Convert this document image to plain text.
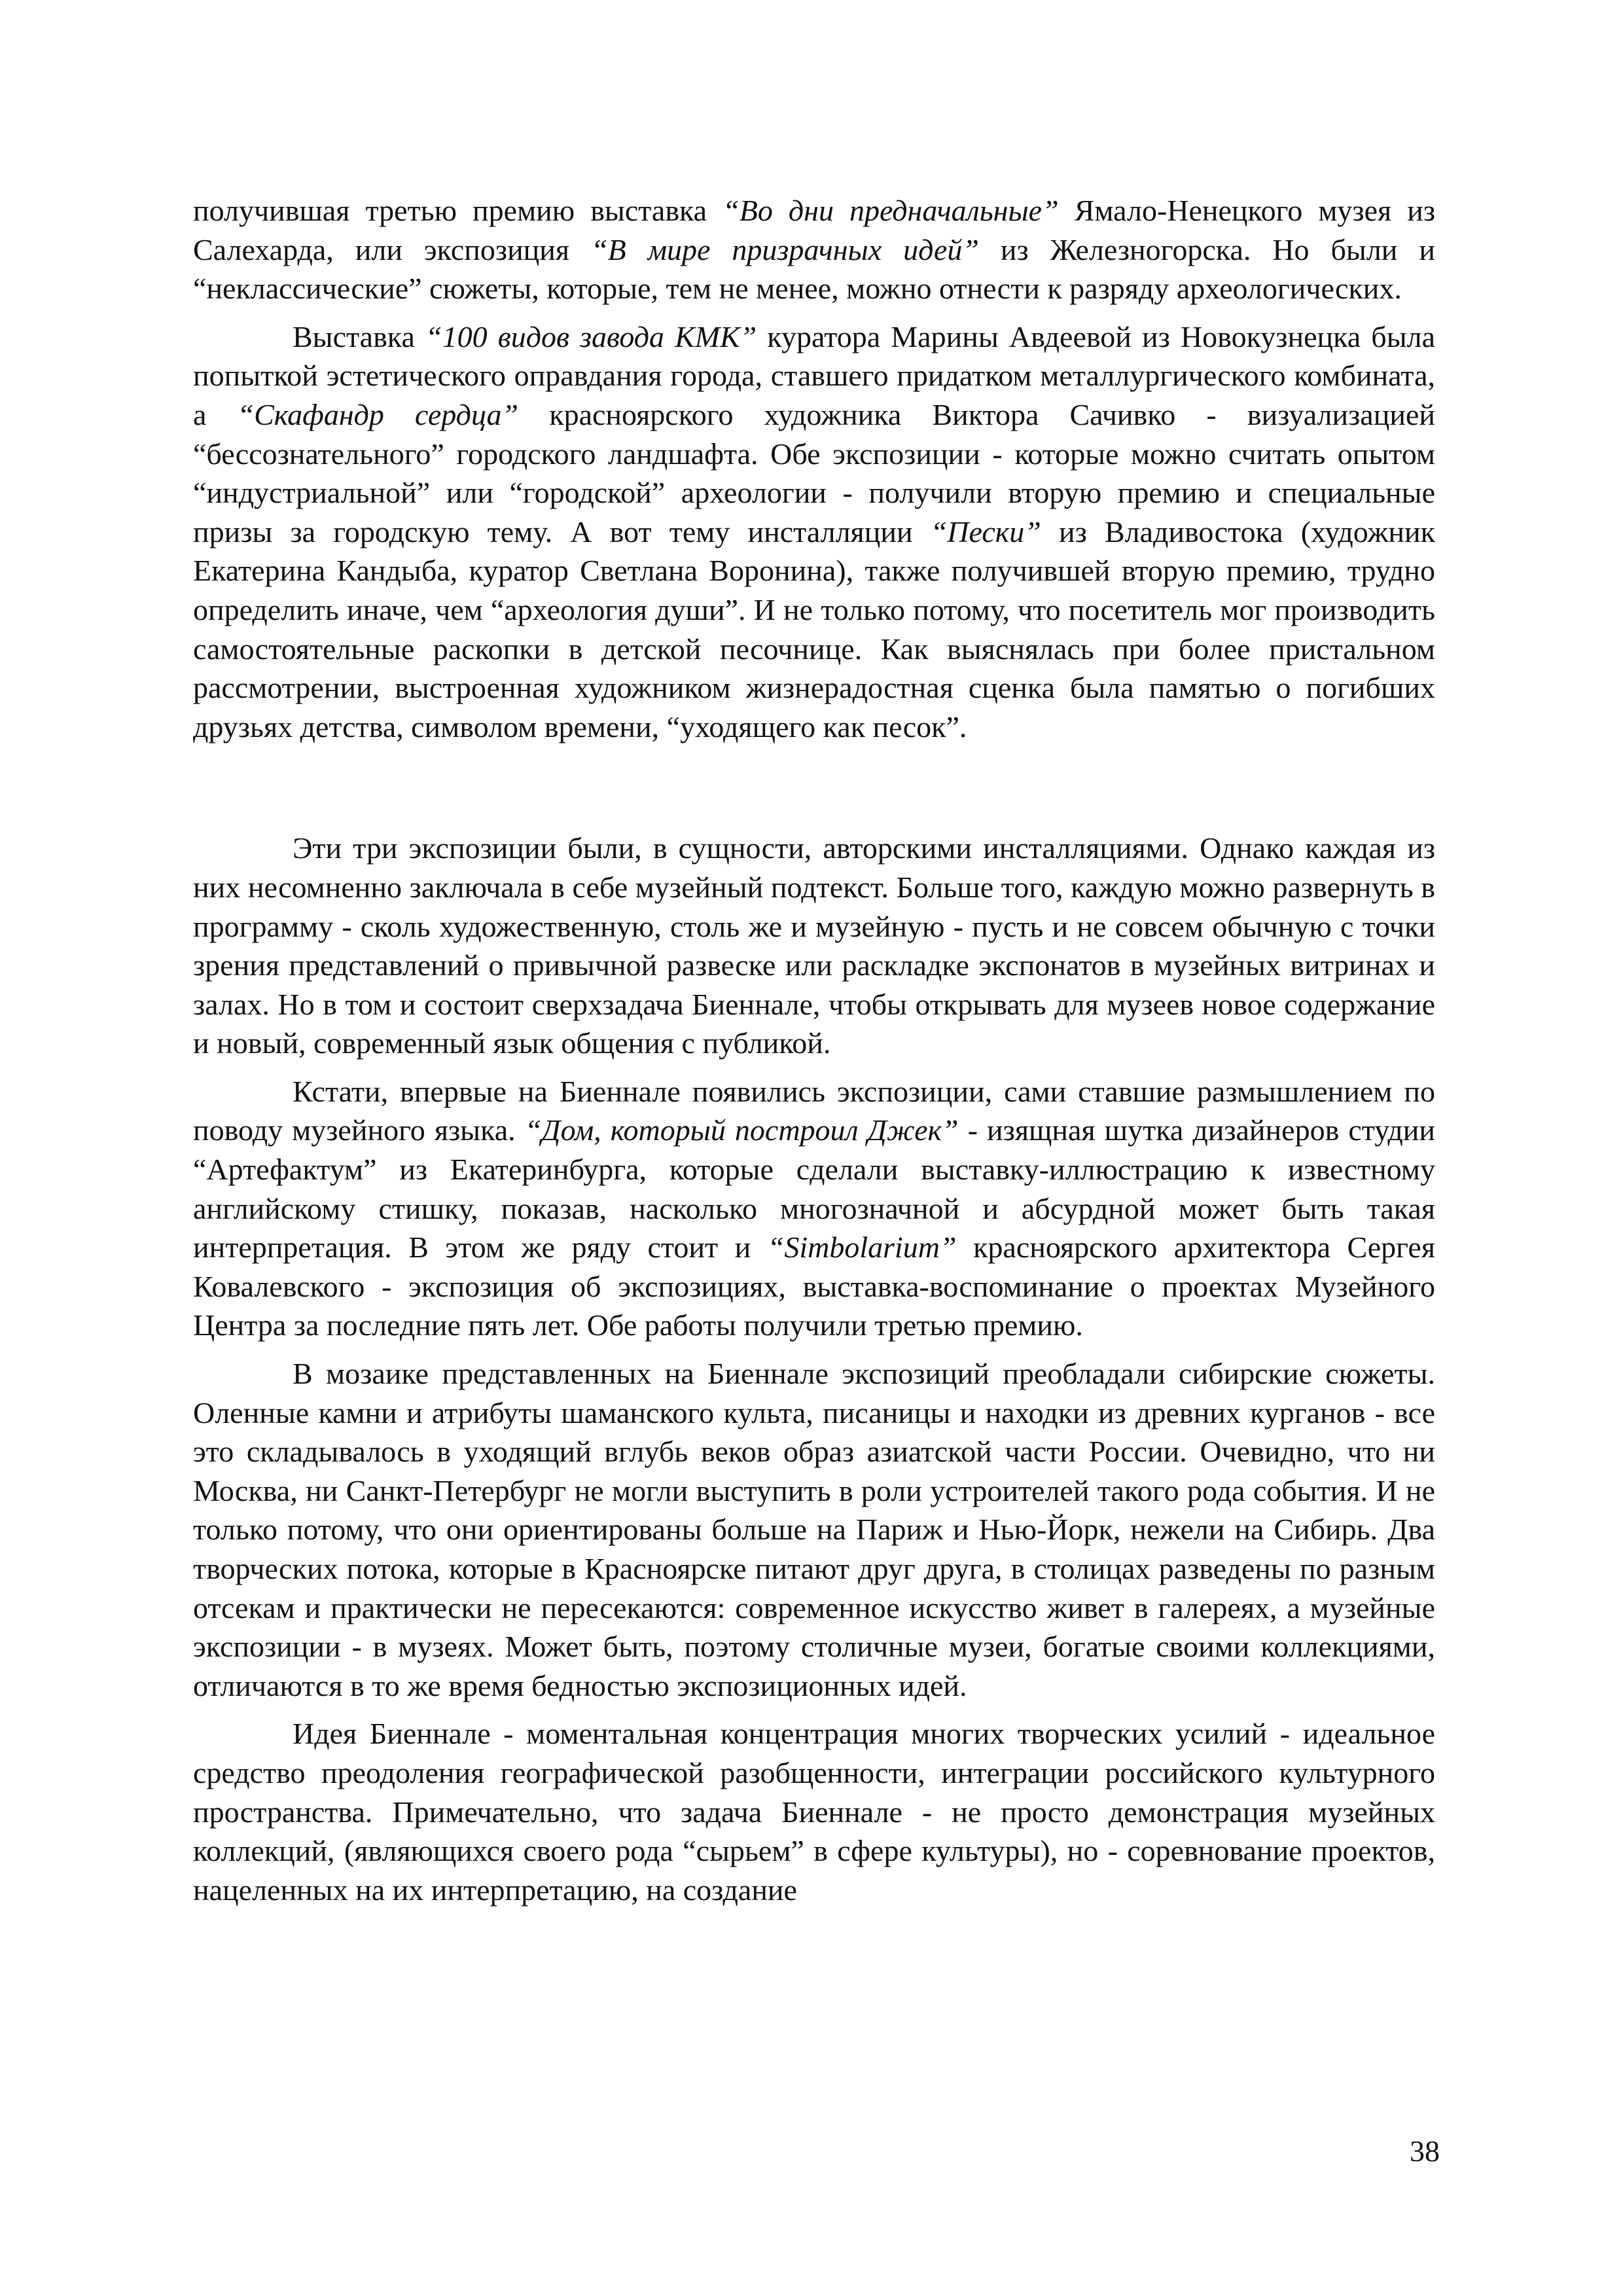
получившая третью премию выставка “Во дни предначальные” Ямало-Ненецкого музея из Салехарда, или экспозиция “В мире призрачных идей” из Железногорска. Но были и “неклассические” сюжеты, которые, тем не менее, можно отнести к разряду археологических.

Выставка “100 видов завода КМК” куратора Марины Авдеевой из Новокузнецка была попыткой эстетического оправдания города, ставшего придатком металлургического комбината, а “Скафандр сердца” красноярского художника Виктора Сачивко - визуализацией “бессознательного” городского ландшафта. Обе экспозиции - которые можно считать опытом “индустриальной” или “городской” археологии - получили вторую премию и специальные призы за городскую тему. А вот тему инсталляции “Пески” из Владивостока (художник Екатерина Кандыба, куратор Светлана Воронина), также получившей вторую премию, трудно определить иначе, чем “археология души”. И не только потому, что посетитель мог производить самостоятельные раскопки в детской песочнице. Как выяснялась при более пристальном рассмотрении, выстроенная художником жизнерадостная сценка была памятью о погибших друзьях детства, символом времени, “уходящего как песок”.

Эти три экспозиции были, в сущности, авторскими инсталляциями. Однако каждая из них несомненно заключала в себе музейный подтекст. Больше того, каждую можно развернуть в программу - сколь художественную, столь же и музейную - пусть и не совсем обычную с точки зрения представлений о привычной развеске или раскладке экспонатов в музейных витринах и залах. Но в том и состоит сверхзадача Биеннале, чтобы открывать для музеев новое содержание и новый, современный язык общения с публикой.

Кстати, впервые на Биеннале появились экспозиции, сами ставшие размышлением по поводу музейного языка. “Дом, который построил Джек” - изящная шутка дизайнеров студии “Артефактум” из Екатеринбурга, которые сделали выставку-иллюстрацию к известному английскому стишку, показав, насколько многозначной и абсурдной может быть такая интерпретация. В этом же ряду стоит и “Simbolarium” красноярского архитектора Сергея Ковалевского - экспозиция об экспозициях, выставка-воспоминание о проектах Музейного Центра за последние пять лет. Обе работы получили третью премию.

В мозаике представленных на Биеннале экспозиций преобладали сибирские сюжеты. Оленные камни и атрибуты шаманского культа, писаницы и находки из древних курганов - все это складывалось в уходящий вглубь веков образ азиатской части России. Очевидно, что ни Москва, ни Санкт-Петербург не могли выступить в роли устроителей такого рода события. И не только потому, что они ориентированы больше на Париж и Нью-Йорк, нежели на Сибирь. Два творческих потока, которые в Красноярске питают друг друга, в столицах разведены по разным отсекам и практически не пересекаются: современное искусство живет в галереях, а музейные экспозиции - в музеях. Может быть, поэтому столичные музеи, богатые своими коллекциями, отличаются в то же время бедностью экспозиционных идей.

Идея Биеннале - моментальная концентрация многих творческих усилий - идеальное средство преодоления географической разобщенности, интеграции российского культурного пространства. Примечательно, что задача Биеннале - не просто демонстрация музейных коллекций, (являющихся своего рода “сырьем” в сфере культуры), но - соревнование проектов, нацеленных на их интерпретацию, на создание

38
